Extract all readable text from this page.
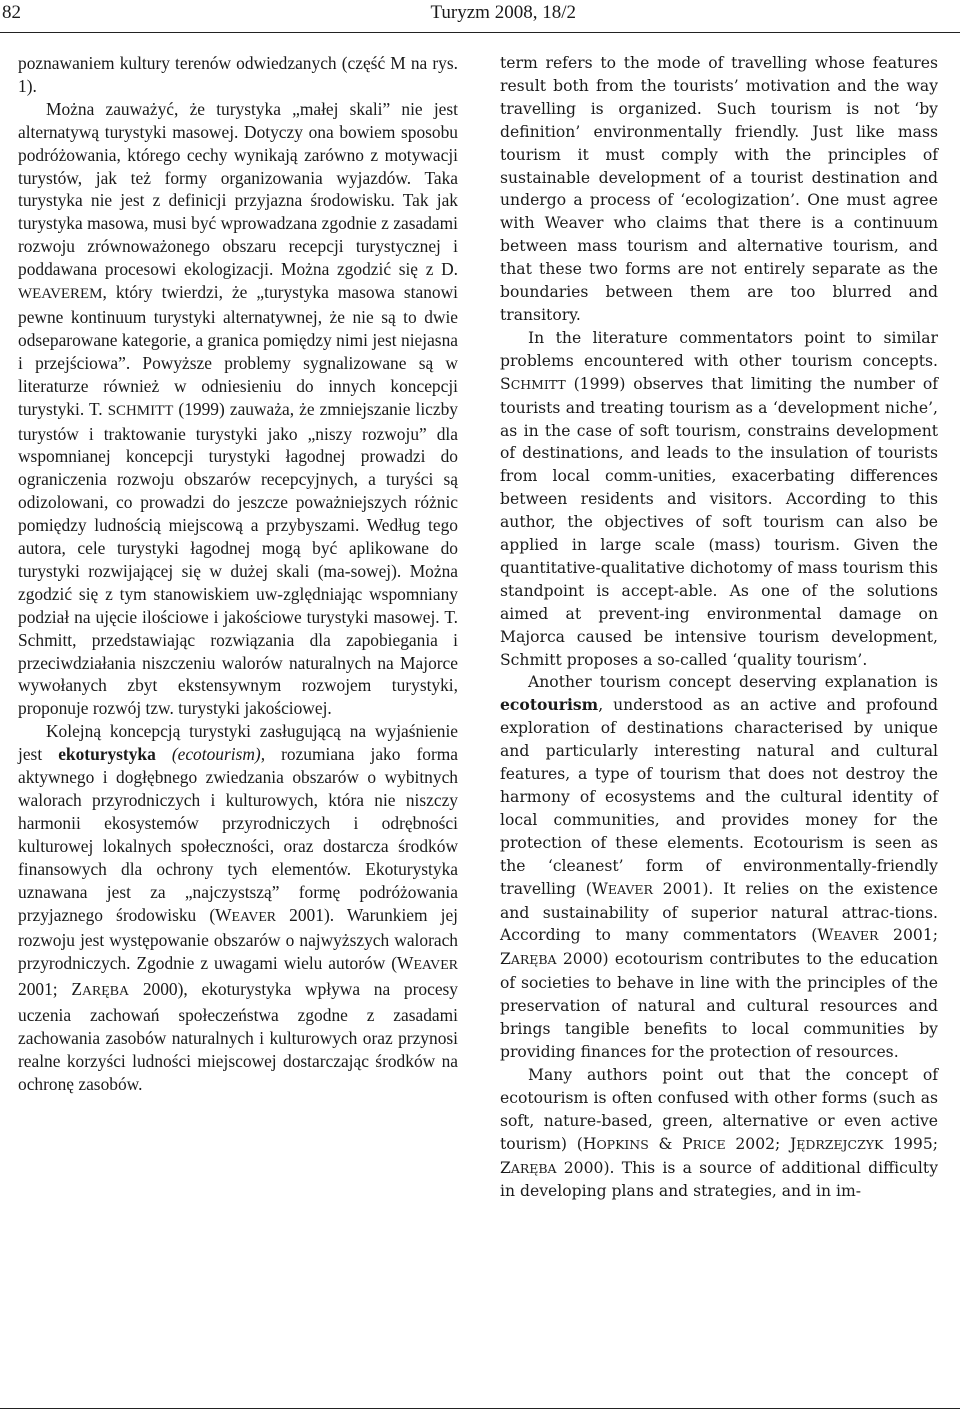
82	Turyzm 2008, 18/2

poznawaniem kultury terenów odwiedzanych (część M na rys. 1).

Można zauważyć, że turystyka „małej skali” nie jest alternatywą turystyki masowej. Dotyczy ona bowiem sposobu podróżowania, którego cechy wynikają zarówno z motywacji turystów, jak też formy organizowania wyjazdów. Taka turystyka nie jest z definicji przyjazna środowisku. Tak jak turystyka masowa, musi być wprowadzana zgodnie z zasadami rozwoju zrównoważonego obszaru recepcji turystycznej i poddawana procesowi ekologizacji. Można zgodzić się z D. WEAVEREM, który twierdzi, że „turystyka masowa stanowi pewne kontinuum turystyki alternatywnej, że nie są to dwie odseparowane kategorie, a granica pomiędzy nimi jest niejasna i przejściowa”. Powyższe problemy sygnalizowane są w literaturze również w odniesieniu do innych koncepcji turystyki. T. SCHMITT (1999) zauważa, że zmniejszanie liczby turystów i traktowanie turystyki jako „niszy rozwoju” dla wspomnianej koncepcji turystyki łagodnej prowadzi do ograniczenia rozwoju obszarów recepcyjnych, a turyści są odizolowani, co prowadzi do jeszcze poważniejszych różnic pomiędzy ludnością miejscową a przybyszami. Według tego autora, cele turystyki łagodnej mogą być aplikowane do turystyki rozwijającej się w dużej skali (ma-sowej). Można zgodzić się z tym stanowiskiem uw-zględniając wspomniany podział na ujęcie ilościowe i jakościowe turystyki masowej. T. Schmitt, przedstawiając rozwiązania dla zapobiegania i przeciwdziałania niszczeniu walorów naturalnych na Majorce wywołanych zbyt ekstensywnym rozwojem turystyki, proponuje rozwój tzw. turystyki jakościowej.

Kolejną koncepcją turystyki zasługującą na wyjaśnienie jest ekoturystyka (ecotourism), rozumiana jako forma aktywnego i dogłębnego zwiedzania obszarów o wybitnych walorach przyrodniczych i kulturowych, która nie niszczy harmonii ekosystemów przyrodniczych i odrębności kulturowej lokalnych społeczności, oraz dostarcza środków finansowych dla ochrony tych elementów. Ekoturystyka uznawana jest za „najczystszą” formę podróżowania przyjaznego środowisku (WEAVER 2001). Warunkiem jej rozwoju jest występowanie obszarów o najwyższych walorach przyrodniczych. Zgodnie z uwagami wielu autorów (WEAVER 2001; ZARĘBA 2000), ekoturystyka wpływa na procesy uczenia zachowań społeczeństwa zgodne z zasadami zachowania zasobów naturalnych i kulturowych oraz przynosi realne korzyści ludności miejscowej dostarczając środków na ochronę zasobów.

term refers to the mode of travelling whose features result both from the tourists’ motivation and the way travelling is organized. Such tourism is not ‘by definition’ environmentally friendly. Just like mass tourism it must comply with the principles of sustainable development of a tourist destination and undergo a process of ‘ecologization’. One must agree with Weaver who claims that there is a continuum between mass tourism and alternative tourism, and that these two forms are not entirely separate as the boundaries between them are too blurred and transitory.

In the literature commentators point to similar problems encountered with other tourism concepts. SCHMITT (1999) observes that limiting the number of tourists and treating tourism as a ‘development niche’, as in the case of soft tourism, constrains development of destinations, and leads to the insulation of tourists from local comm-unities, exacerbating differences between residents and visitors. According to this author, the objectives of soft tourism can also be applied in large scale (mass) tourism. Given the quantitative-qualitative dichotomy of mass tourism this standpoint is accept-able. As one of the solutions aimed at prevent-ing environmental damage on Majorca caused be intensive tourism development, Schmitt proposes a so-called ‘quality tourism’.

Another tourism concept deserving explanation is ecotourism, understood as an active and profound exploration of destinations characterised by unique and particularly interesting natural and cultural features, a type of tourism that does not destroy the harmony of ecosystems and the cultural identity of local communities, and provides money for the protection of these elements. Ecotourism is seen as the ‘cleanest’ form of environmentally-friendly travelling (WEAVER 2001). It relies on the existence and sustainability of superior natural attrac-tions. According to many commentators (WEAVER 2001; ZARĘBA 2000) ecotourism contributes to the education of societies to behave in line with the principles of the preservation of natural and cultural resources and brings tangible benefits to local communities by providing finances for the protection of resources.

Many authors point out that the concept of ecotourism is often confused with other forms (such as soft, nature-based, green, alternative or even active tourism) (HOPKINS & PRICE 2002; JĘDRZEJCZYK 1995; ZARĘBA 2000). This is a source of additional difficulty in developing plans and strategies, and in im-
